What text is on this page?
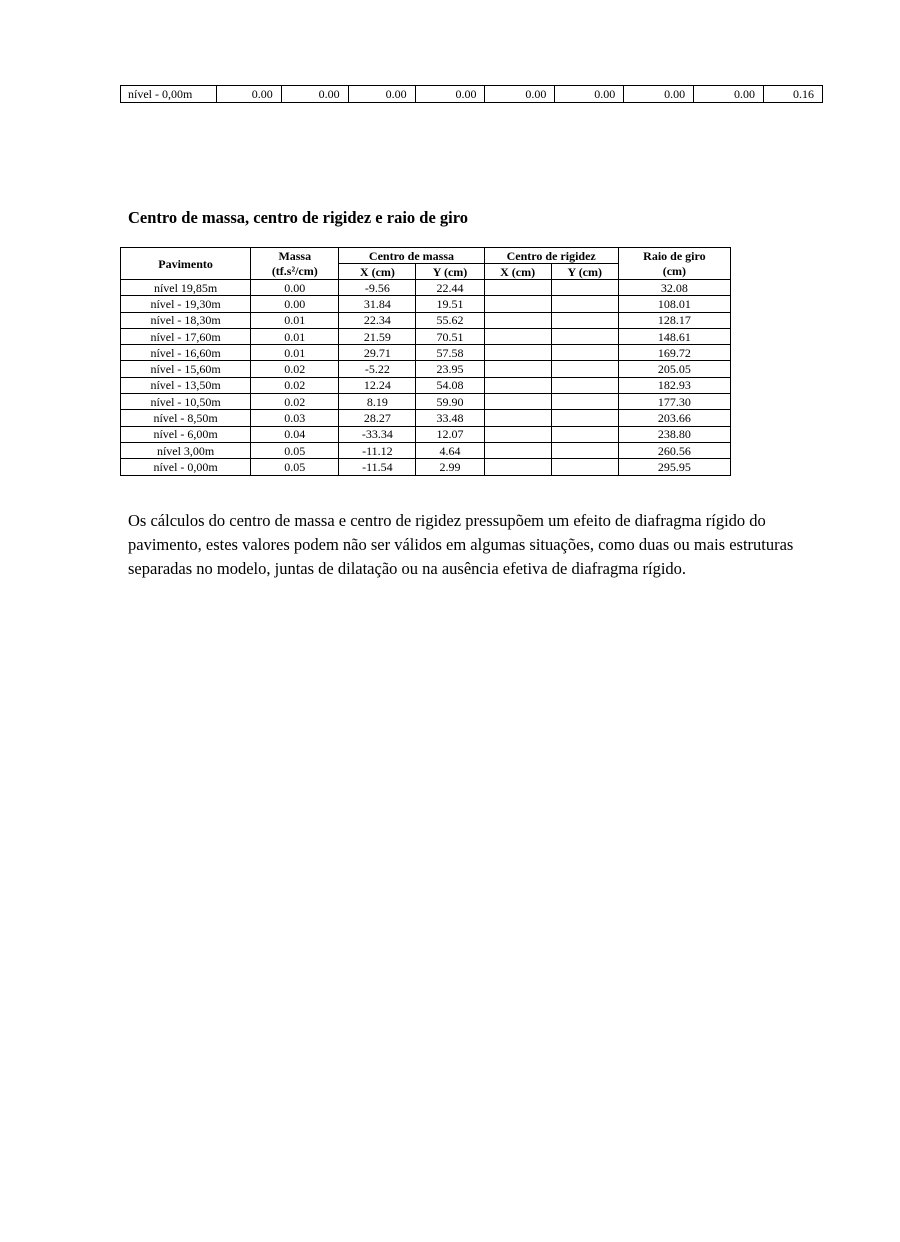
nível - 0,00m	0.00	0.00	0.00	0.00	0.00	0.00	0.00	0.00	0.16
Centro de massa, centro de rigidez e raio de giro
Pavimento	Massa	Centro de massa		Centro de rigidez		Raio de giro
	(tf.s²/cm)	X (cm)	Y (cm)	X (cm)	Y (cm)	(cm)
nível 19,85m	0.00	-9.56	22.44			32.08
nível - 19,30m	0.00	31.84	19.51			108.01
nível - 18,30m	0.01	22.34	55.62			128.17
nível - 17,60m	0.01	21.59	70.51			148.61
nível - 16,60m	0.01	29.71	57.58			169.72
nível - 15,60m	0.02	-5.22	23.95			205.05
nível - 13,50m	0.02	12.24	54.08			182.93
nível - 10,50m	0.02	8.19	59.90			177.30
nível - 8,50m	0.03	28.27	33.48			203.66
nível - 6,00m	0.04	-33.34	12.07			238.80
nível 3,00m	0.05	-11.12	4.64			260.56
nível - 0,00m	0.05	-11.54	2.99			295.95
Os cálculos do centro de massa e centro de rigidez pressupõem um efeito de diafragma rígido do pavimento, estes valores podem não ser válidos em algumas situações, como duas ou mais estruturas separadas no modelo, juntas de dilatação ou na ausência efetiva de diafragma rígido.
